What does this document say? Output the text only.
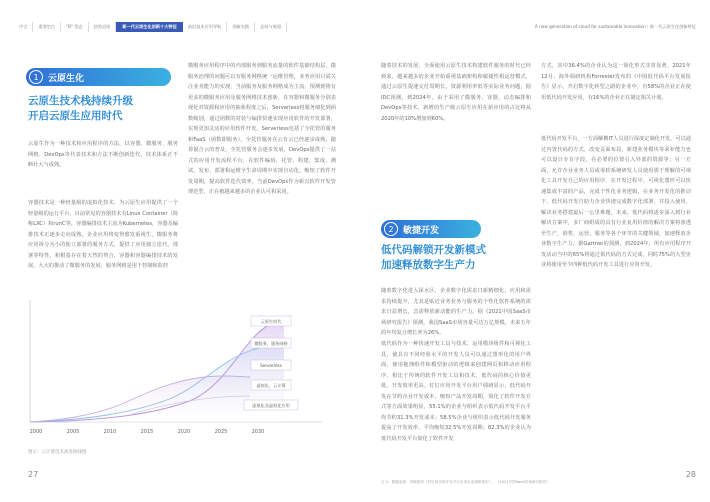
序言	重要定位	"B" 型态	趋势总结	新一代云原生化创新十大特征	前沿技术应用导航	创新实践	总结与展望	A new generation of cloud for sustainable innovation｜新一代云原生化创新特征
1	云原生化
云原生技术栈持续升级
开启云原生应用时代

云原生作为一种技术和应用程序的方法，以容器、微服务、服务网格、DevOps等代表技术和方法不断创新迭代，技术体系正不断壮大与成熟。

容器技术是一种轻量级的虚拟化技术，为云原生应用提供了一个轻量级的运行平台，目前常见的容器技术有Linux Container（简称LXC）和runC等，容器编排技术主流为Kubernetes，容器及编排技术正逐步走向成熟，企业应用将变得愈发重视生，微服务将应用拆分为小的独立部署的服务方式，提供了应用独立迭代，部署等特性，和根基存在着天然的契合，容器和容器编排技术的发展，大大的推动了微服务的发展，服务网格是用于控制和监控

微服务应用程序中的内部服务到服务流量的软件基础结构层，微服务治理的问题可以有服务网格统一运维管理，业务应用只需关注业务能力的实现，当前服务及服务网格成为主流，预测到将有更多的微服务应用及服务网格技术创新，在容器和微服务分别表现化对资源和应用的抽象程度之后，Serverless将服务细化到函数级别，通过函数的封装与编排快速实现应用软件的开发部署，实现更加灵活的应用软件开发，Serverless包括了全托管的服务和FaaS（函数即服务），全托管服务在云有云已经逐步成熟，随着混合云的普及，全托管服务会逐步发展，DevOps提供了一站式的应用开发流程平台，在软件编码，托管，构建，集成，测试，发布，部署和运维全生命周期中实现自动化，缩短了软件开发周期，提高软件迭代效率，当前DevOps作为新兴软件开发管理范型，正在被越来越多的企业认可和采用。

2000	2005	2010	2015	2020	2025	2030
云原生时代
微服务，服务网格
Serverless
虚拟化，云计算
虚拟化及虚拟化应用
图示：云计算技术演进路线图
27

随着技术的发展，全面使用云原生技术构建软件服务的时代已经到来，越来越多的企业开始重视基础架构和敏捷性相运营模式，通过云原生提速交付周期长，资源利用率低等实际业务问题，据IDC预测，到2024年，由于采用了微服务，容器，动态编排和DevOps等技术，新增的生产级云原生应用在新应用的占比将从2020年的10%增加到60%。

2	敏捷开发
低代码解锁开发新模式
加速释放数字生产力

随着数字化进入深水区，企业数字化需求日新精细化，应用和需求持续提升，尤其是贴近业务业务与服务的个性化软件系统的需求日益增长，急需释放新动能的生产力。据《2021中国SaaS市场研究报告》预测，我国SaaS市场容量可达万亿规模，未来五年的年均复合增长率为26%。

低代码作为一种快速开发工具与技术，运用模块组件和可视化工具，使具有不同经验水平的开发人员可以通过图形化的用户界面，使用拖拽组件和模型驱动的逻辑来创建网页和移动应用程序，相比于传统的软件开发工具和技术，低代码的核心价值更低，开发效率更高。钉钉应用开发平台用户调研显示，低代码开发在节约企业开发成本，缩短产品开发周期，简化了软件开发方式等方面效果明显，55.1%的企业与组织表示低代码开发平台平均节约31.3%开发成本；58.5%企业与组织表示低代码开发服务提高了开发效率，平均缩短32.5%开发周期；82.3%的企业认为低代码开发平台简化了软件开发

方式，其中36.4%的企业认为这一简化形式非常显著。2021年12月，海外调研机构Forrester发布的《中国低代码平台发展报告》显示，开启数字化转型之路的企业中，有58%的企业正在使用低代码开发应用，有16%的企业正在制定相关计划。

低代码开发平台，一方面解耦IT人员进行深度定制化开发，可以通过内置代码的方式，改变页面布局，新建业务模块等来补能力也可以设计专有字段，在必要的位置引入外部的资源等；另一方面，允许企业业务人员或零软系统研发人员使用那于理解的可视化工具开发自己的应用程序，在开发过程中，可视化图形可以快速集成丰富的产品，完成个性化业务逻辑，在业务开发化的推动下，低代码开发自助力企业快速完成数字化部署，并投入使用，解决业务搭建最后一公里难题，未来，低代码将逐步深入到行业解决方案中，多厂商组成的具有行业复用价值的解决方案将渗透至生产，销售，运营，服务等各个环节的关键领域，加速释放企业数字生产力。据Gartner的预测，到2024年，所有应用程序开发活动当中的65%将通过低代码的方式完成，同时75%的大型企业将使用至少四种低代码开发工具进行应用开发。

注 2：数据来源：华略智库《钉钉低代码开发平台应用企业调研报告》、《2021中国SaaS市场研究报告》
28
